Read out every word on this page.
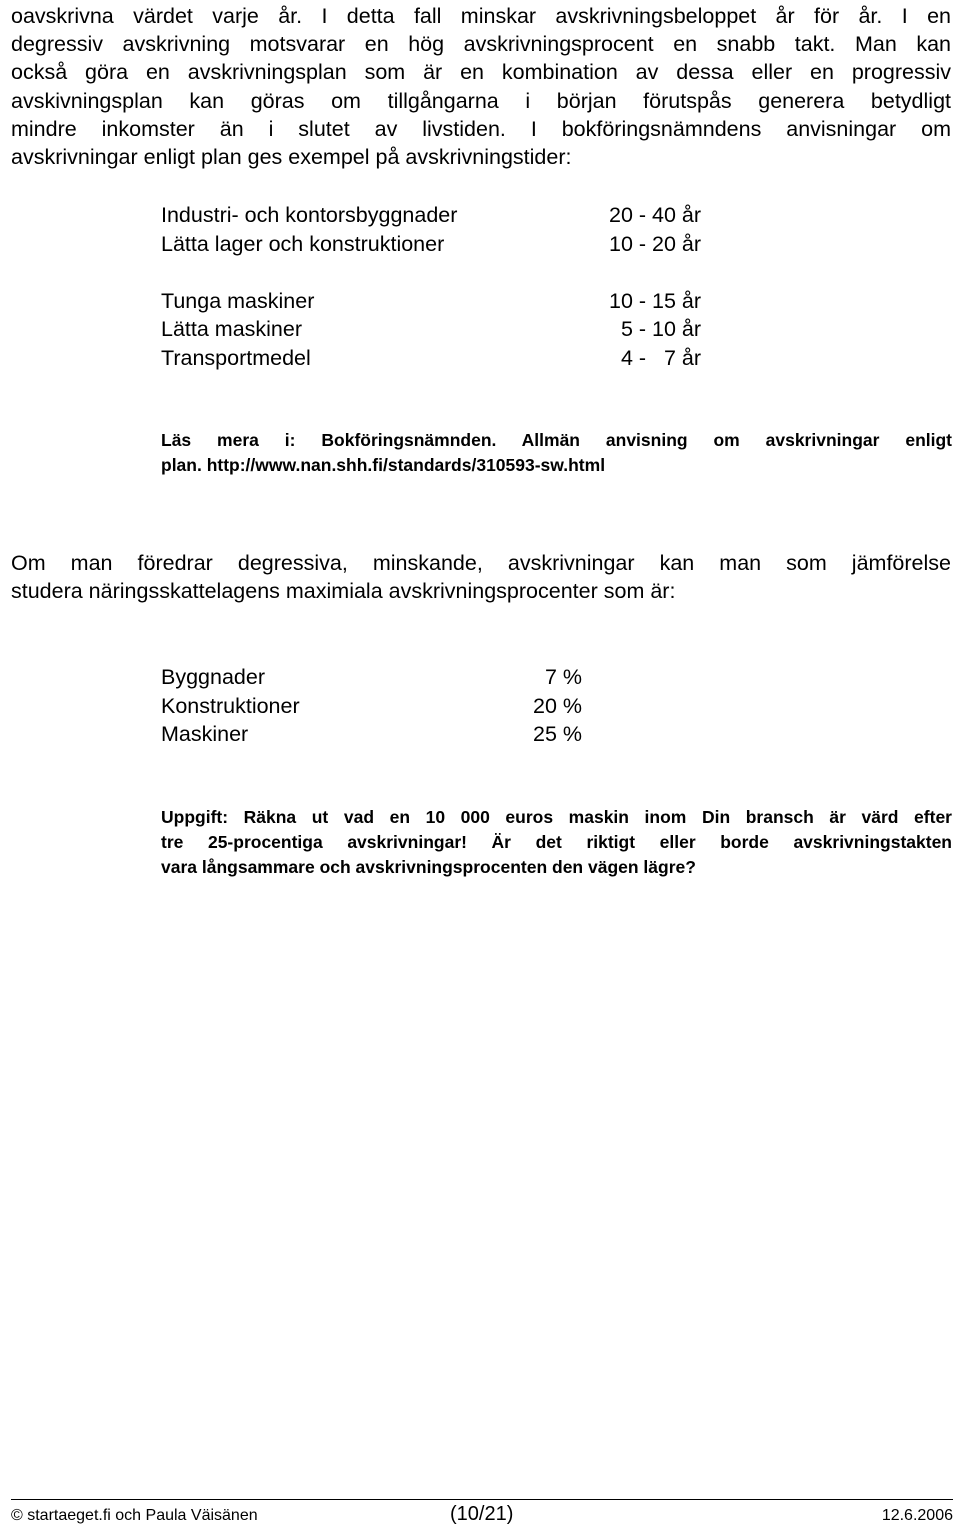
oavskrivna värdet varje år. I detta fall minskar avskrivningsbeloppet år för år. I en
degressiv avskrivning motsvarar en hög avskrivningsprocent en snabb takt. Man kan
också göra en avskrivningsplan som är en kombination av dessa eller en progressiv
avskivningsplan kan göras om tillgångarna i början förutspås generera betydligt
mindre inkomster än i slutet av livstiden. I bokföringsnämndens anvisningar om
avskrivningar enligt plan ges exempel på avskrivningstider:
Industri- och kontorsbyggnader	20 - 40 år
Lätta lager och konstruktioner	10 - 20 år
Tunga maskiner	10 - 15 år
Lätta maskiner	5 - 10 år
Transportmedel	4 -   7 år
Läs mera i: Bokföringsnämnden. Allmän anvisning om avskrivningar enligt
plan. http://www.nan.shh.fi/standards/310593-sw.html
Om man föredrar degressiva, minskande, avskrivningar kan man som jämförelse
studera näringsskattelagens maximiala avskrivningsprocenter som är:
Byggnader	7 %
Konstruktioner	20 %
Maskiner	25 %
Uppgift: Räkna ut vad en 10 000 euros maskin inom Din bransch är värd efter
tre 25-procentiga avskrivningar! Är det riktigt eller borde avskrivningstakten
vara långsammare och avskrivningsprocenten den vägen lägre?
© startaeget.fi och Paula Väisänen	(10/21)	12.6.2006
